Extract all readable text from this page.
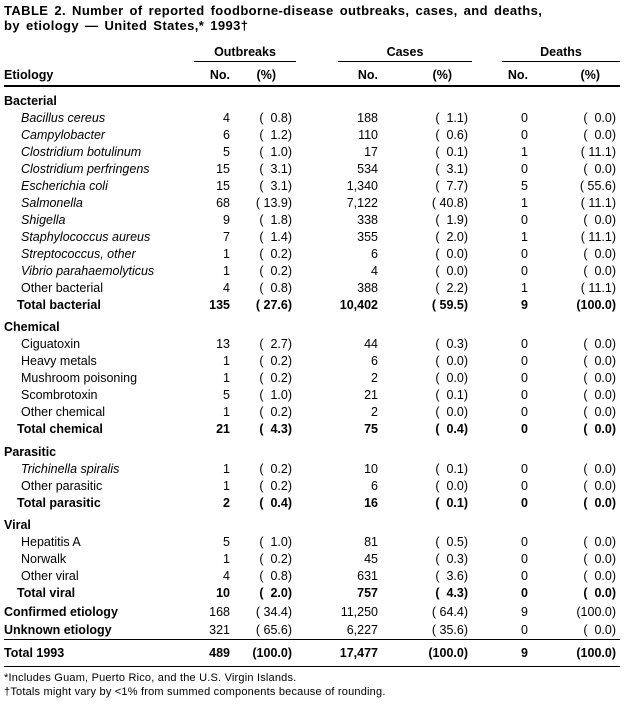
TABLE 2. Number of reported foodborne-disease outbreaks, cases, and deaths,
by etiology — United States,* 1993†
	Outbreaks			Cases			Deaths	
Etiology	No.	(%)		No.	(%)		No.	(%)
Bacterial								
Bacillus cereus	4	(  0.8)		188	(  1.1)		0	(  0.0)
Campylobacter	6	(  1.2)		110	(  0.6)		0	(  0.0)
Clostridium botulinum	5	(  1.0)		17	(  0.1)		1	( 11.1)
Clostridium perfringens	15	(  3.1)		534	(  3.1)		0	(  0.0)
Escherichia coli	15	(  3.1)		1,340	(  7.7)		5	( 55.6)
Salmonella	68	( 13.9)		7,122	( 40.8)		1	( 11.1)
Shigella	9	(  1.8)		338	(  1.9)		0	(  0.0)
Staphylococcus aureus	7	(  1.4)		355	(  2.0)		1	( 11.1)
Streptococcus, other	1	(  0.2)		6	(  0.0)		0	(  0.0)
Vibrio parahaemolyticus	1	(  0.2)		4	(  0.0)		0	(  0.0)
Other bacterial	4	(  0.8)		388	(  2.2)		1	( 11.1)
Total bacterial	135	( 27.6)		10,402	( 59.5)		9	(100.0)
Chemical								
Ciguatoxin	13	(  2.7)		44	(  0.3)		0	(  0.0)
Heavy metals	1	(  0.2)		6	(  0.0)		0	(  0.0)
Mushroom poisoning	1	(  0.2)		2	(  0.0)		0	(  0.0)
Scombrotoxin	5	(  1.0)		21	(  0.1)		0	(  0.0)
Other chemical	1	(  0.2)		2	(  0.0)		0	(  0.0)
Total chemical	21	(  4.3)		75	(  0.4)		0	(  0.0)
Parasitic								
Trichinella spiralis	1	(  0.2)		10	(  0.1)		0	(  0.0)
Other parasitic	1	(  0.2)		6	(  0.0)		0	(  0.0)
Total parasitic	2	(  0.4)		16	(  0.1)		0	(  0.0)
Viral								
Hepatitis A	5	(  1.0)		81	(  0.5)		0	(  0.0)
Norwalk	1	(  0.2)		45	(  0.3)		0	(  0.0)
Other viral	4	(  0.8)		631	(  3.6)		0	(  0.0)
Total viral	10	(  2.0)		757	(  4.3)		0	(  0.0)
Confirmed etiology	168	( 34.4)		11,250	( 64.4)		9	(100.0)
Unknown etiology	321	( 65.6)		6,227	( 35.6)		0	(  0.0)
Total 1993	489	(100.0)		17,477	(100.0)		9	(100.0)
*Includes Guam, Puerto Rico, and the U.S. Virgin Islands.
†Totals might vary by <1% from summed components because of rounding.
